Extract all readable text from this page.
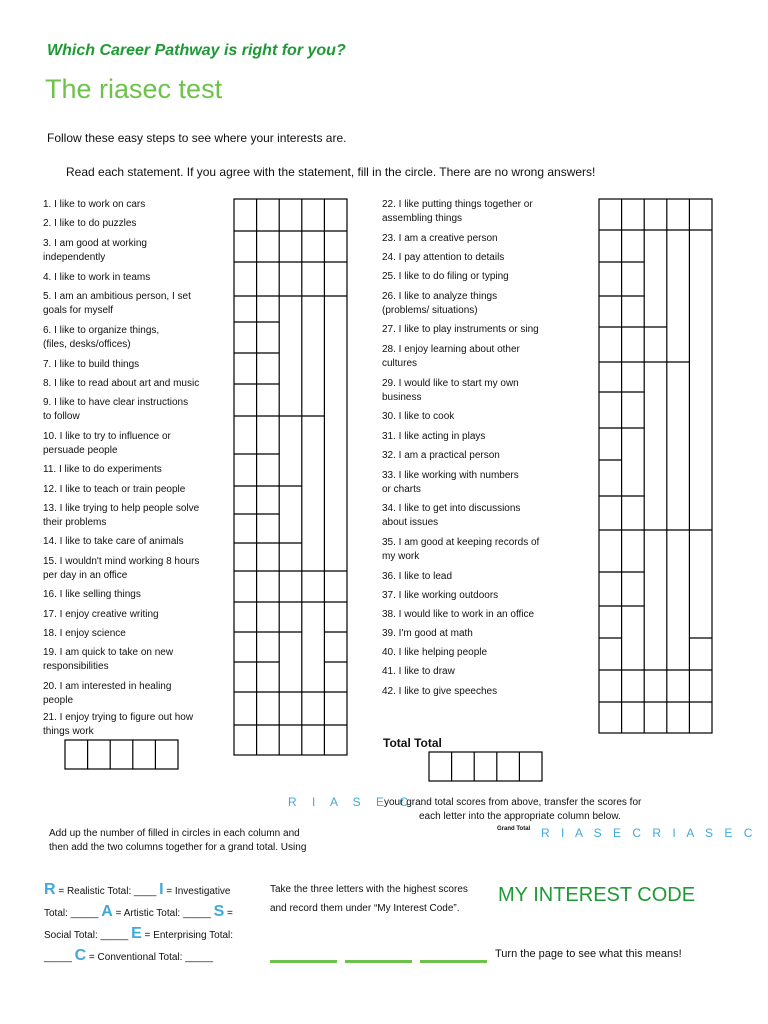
Which Career Pathway is right for you?
The riasec test
Follow these easy steps to see where your interests are.
Read each statement. If you agree with the statement, fill in the circle. There are no wrong answers!
1. I like to work on cars
2. I like to do puzzles
3. I am good at working
independently
4. I like to work in teams
5. I am an ambitious person, I set
goals for myself
6. I like to organize things,
(files, desks/offices)
7. I like to build things
8. I like to read about art and music
9. I like to have clear instructions
to follow
10. I like to try to influence or
persuade people
11. I like to do experiments
12. I like to teach or train people
13. I like trying to help people solve
their problems
14. I like to take care of animals
15. I wouldn't mind working 8 hours
per day in an office
16. I like selling things
17. I enjoy creative writing
18. I enjoy science
19. I am quick to take on new
responsibilities
20. I am interested in healing
people
21. I enjoy trying to figure out how
things work
22. I like putting things together or
assembling things
23. I am a creative person
24. I pay attention to details
25. I like to do filing or typing
26. I like to analyze things
(problems/ situations)
27. I like to play instruments or sing
28. I enjoy learning about other
cultures
29. I would like to start my own
business
30. I like to cook
31. I like acting in plays
32. I am a practical person
33. I like working with numbers
or charts
34. I like to get into discussions
about issues
35. I am good at keeping records of
my work
36. I like to lead
37. I like working outdoors
38. I would like to work in an office
39. I'm good at math
40. I like helping people
41. I like to draw
42. I like to give speeches
Total Total
R I A S E C
your grand total scores from above, transfer the scores for
each letter into the appropriate column below.
Add up the number of filled in circles in each column and
then add the two columns together for a grand total. Using
Grand Total R I A S E C R I A S E C
R = Realistic Total: ____ I = Investigative
Total: _____ A = Artistic Total: _____ S =
Social Total: _____ E = Enterprising Total:
_____ C = Conventional Total: _____
Take the three letters with the highest scores
and record them under “My Interest Code”.
MY INTEREST CODE
Turn the page to see what this means!
